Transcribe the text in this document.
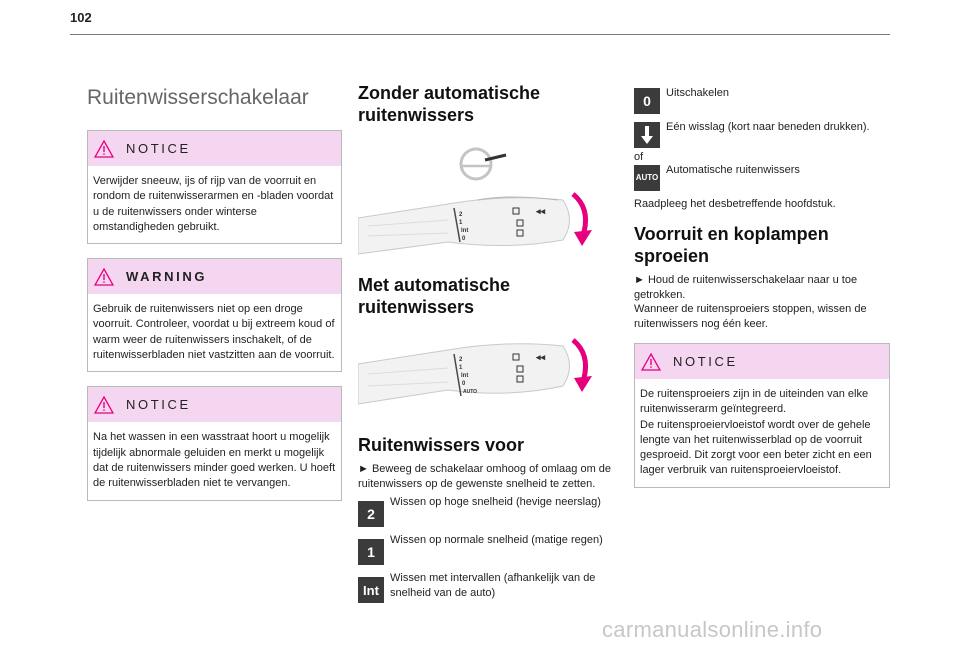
102
Ruitenwisserschakelaar
NOTICE
Verwijder sneeuw, ijs of rijp van de voorruit en rondom de ruitenwisserarmen en -bladen voordat u de ruitenwissers onder winterse omstandigheden gebruikt.
WARNING
Gebruik de ruitenwissers niet op een droge voorruit. Controleer, voordat u bij extreem koud of warm weer de ruitenwissers inschakelt, of de ruitenwisserbladen niet vastzitten aan de voorruit.
NOTICE
Na het wassen in een wasstraat hoort u mogelijk tijdelijk abnormale geluiden en merkt u mogelijk dat de ruitenwissers minder goed werken. U hoeft de ruitenwisserbladen niet te vervangen.
Zonder automatische
ruitenwissers
2
1
Int
0
◂◂
Met automatische
ruitenwissers
2
1
Int
0
AUTO
◂◂
Ruitenwissers voor
► Beweeg de schakelaar omhoog of omlaag om de ruitenwissers op de gewenste snelheid te zetten.
2
Wissen op hoge snelheid (hevige neerslag)
1
Wissen op normale snelheid (matige regen)
Int
Wissen met intervallen (afhankelijk van de snelheid van de auto)
0	Uitschakelen
Eén wisslag (kort naar beneden drukken).
of
AUTO
Automatische ruitenwissers
Raadpleeg het desbetreffende hoofdstuk.
Voorruit en koplampen
sproeien
► Houd de ruitenwisserschakelaar naar u toe getrokken.
Wanneer de ruitensproeiers stoppen, wissen de ruitenwissers nog één keer.
NOTICE
De ruitensproeiers zijn in de uiteinden van elke ruitenwisserarm geïntegreerd.
De ruitensproeiervloeistof wordt over de gehele lengte van het ruitenwisserblad op de voorruit gesproeid. Dit zorgt voor een beter zicht en een lager verbruik van ruitensproeiervloeistof.
carmanualsonline.info
